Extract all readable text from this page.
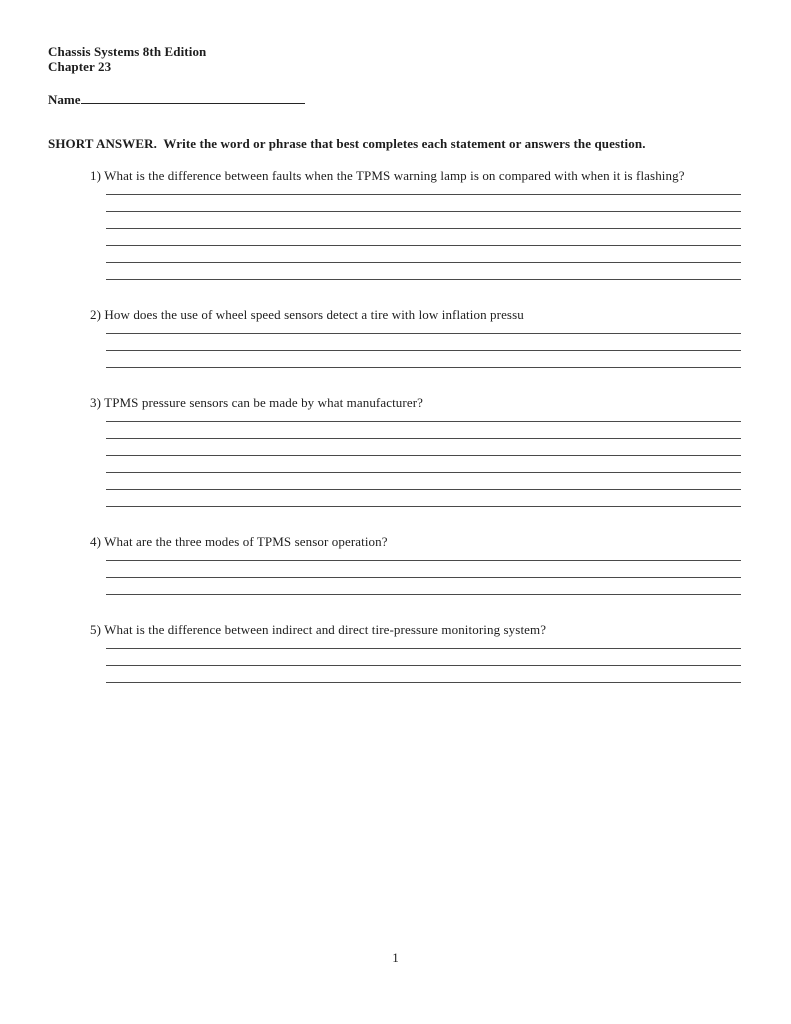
Chassis Systems 8th Edition
Chapter 23
Name
SHORT ANSWER.  Write the word or phrase that best completes each statement or answers the question.
1) What is the difference between faults when the TPMS warning lamp is on compared with when it is flashing?
2) How does the use of wheel speed sensors detect a tire with low inflation pressu
3) TPMS pressure sensors can be made by what manufacturer?
4) What are the three modes of TPMS sensor operation?
5) What is the difference between indirect and direct tire-pressure monitoring system?
1
